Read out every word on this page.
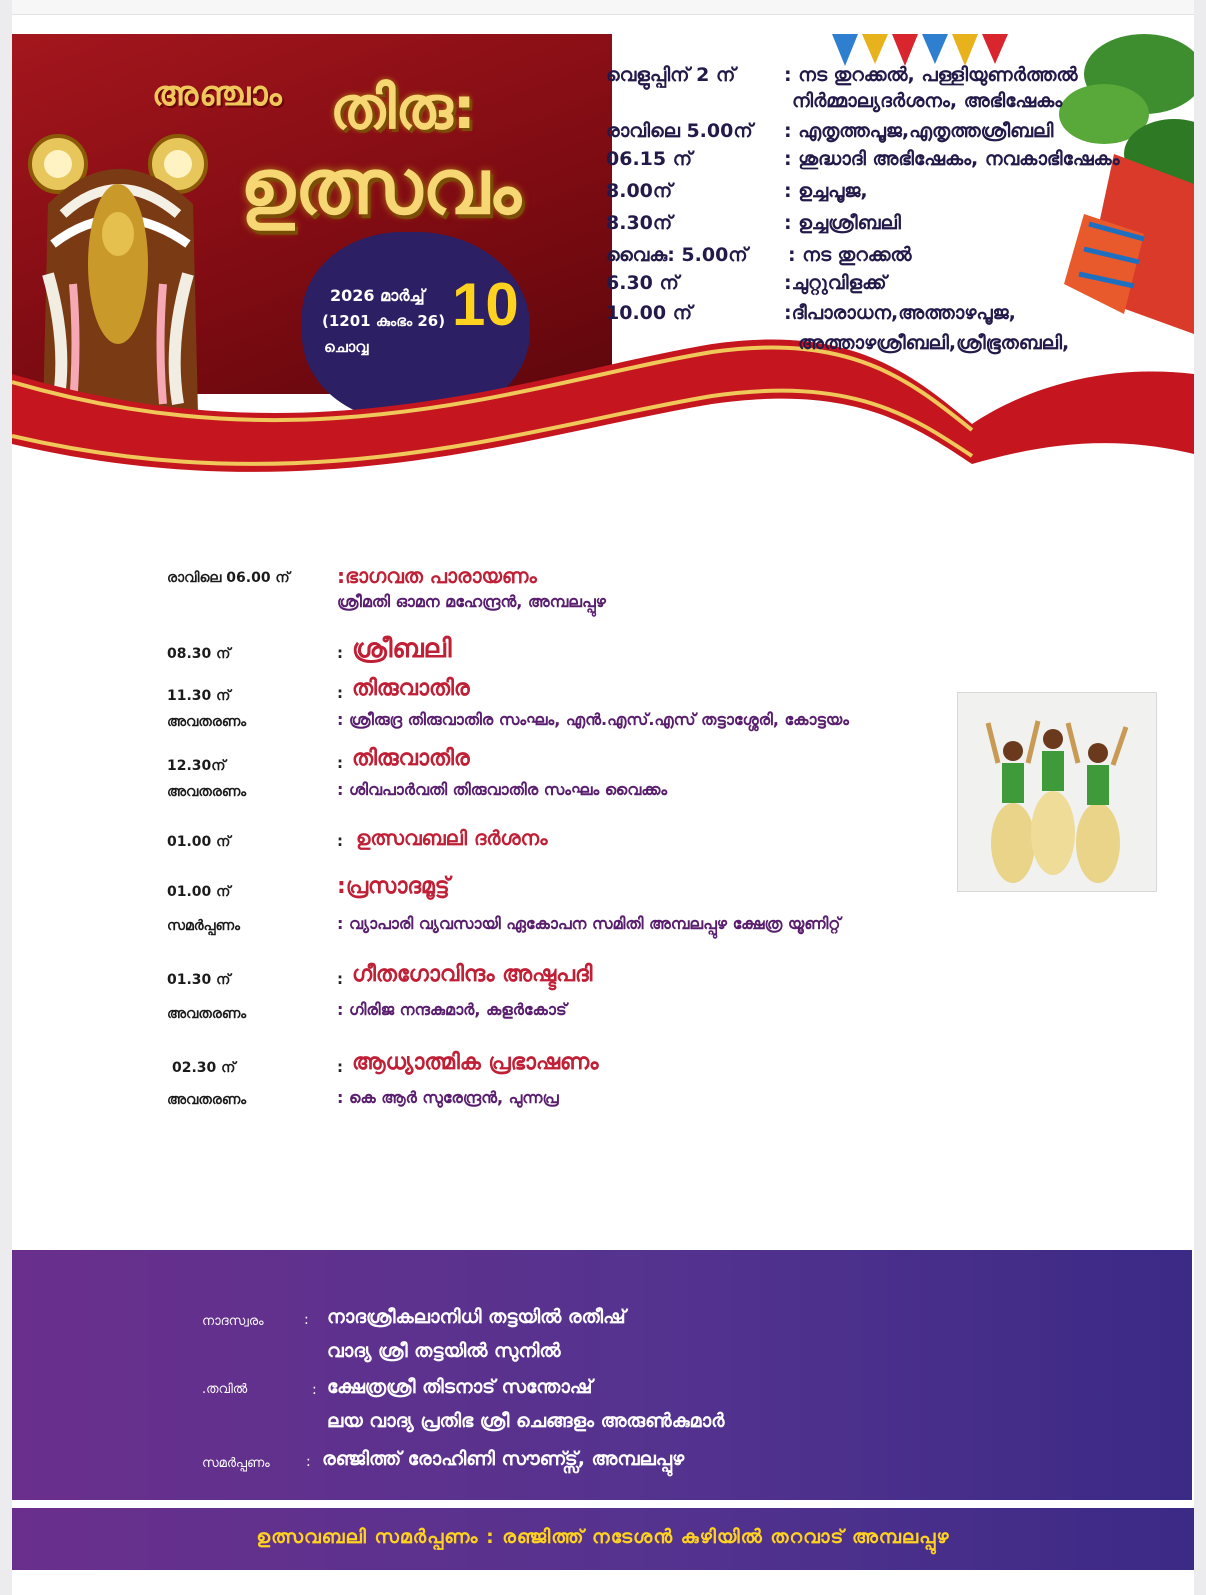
അഞ്ചാം തിരു:
ഉത്സവം
2026 മാർച്ച്
(1201 കുംഭം 26)
ചൊവ്വ
10
വെളുപ്പിന് 2 ന്	: നട തുറക്കൽ, പള്ളിയുണർത്തൽ
നിർമ്മാല്യദർശനം, അഭിഷേകം
രാവിലെ 5.00ന് : എതൃത്തപൂജ,എതൃത്തശ്രീബലി
06.15 ന്	: ശുദ്ധാദി അഭിഷേകം, നവകാഭിഷേകം
8.00ന്	: ഉച്ചപൂജ,
8.30ന്	: ഉച്ചശ്രീബലി
വൈകു: 5.00ന് : നട തുറക്കൽ
6.30 ന്	:ചുറ്റുവിളക്ക്
10.00 ന്	:ദീപാരാധന,അത്താഴപൂജ,
അത്താഴശ്രീബലി,ശ്രീഭൂതബലി,
രാവിലെ 06.00 ന് :ഭാഗവത പാരായണം
ശ്രീമതി ഓമന മഹേന്ദ്രൻ, അമ്പലപ്പുഴ
08.30 ന്	: ശ്രീബലി
11.30 ന്	: തിരുവാതിര
അവതരണം	: ശ്രീരുദ്ര തിരുവാതിര സംഘം, എൻ.എസ്.എസ് തട്ടാശ്ശേരി, കോട്ടയം
12.30ന്	: തിരുവാതിര
അവതരണം	: ശിവപാർവതി തിരുവാതിര സംഘം വൈക്കം
01.00 ന്	: ഉത്സവബലി ദർശനം
01.00 ന്	:പ്രസാദമൂട്ട്
സമർപ്പണം	: വ്യാപാരി വ്യവസായി ഏകോപന സമിതി അമ്പലപ്പുഴ ക്ഷേത്ര യൂണിറ്റ്
01.30 ന്	: ഗീതഗോവിന്ദം അഷ്ടപദി
അവതരണം	: ഗിരിജ നന്ദകുമാർ, കളർകോട്
02.30 ന്	: ആധ്യാത്മിക പ്രഭാഷണം
അവതരണം	: കെ ആർ സുരേന്ദ്രൻ, പുന്നപ്ര
നാദസ്വരം	: നാദശ്രീകലാനിധി തട്ടയിൽ രതീഷ്
വാദ്യ ശ്രീ തട്ടയിൽ സുനിൽ
.തവിൽ	: ക്ഷേത്രശ്രീ തിടനാട് സന്തോഷ്
ലയ വാദ്യ പ്രതിഭ ശ്രീ ചെങ്ങളം അരുൺകുമാർ
സമർപ്പണം	: രഞ്ജിത്ത് രോഹിണി സൗണ്ട്സ്, അമ്പലപ്പുഴ
ഉത്സവബലി സമർപ്പണം : രഞ്ജിത്ത് നടേശൻ കുഴിയിൽ തറവാട് അമ്പലപ്പുഴ
